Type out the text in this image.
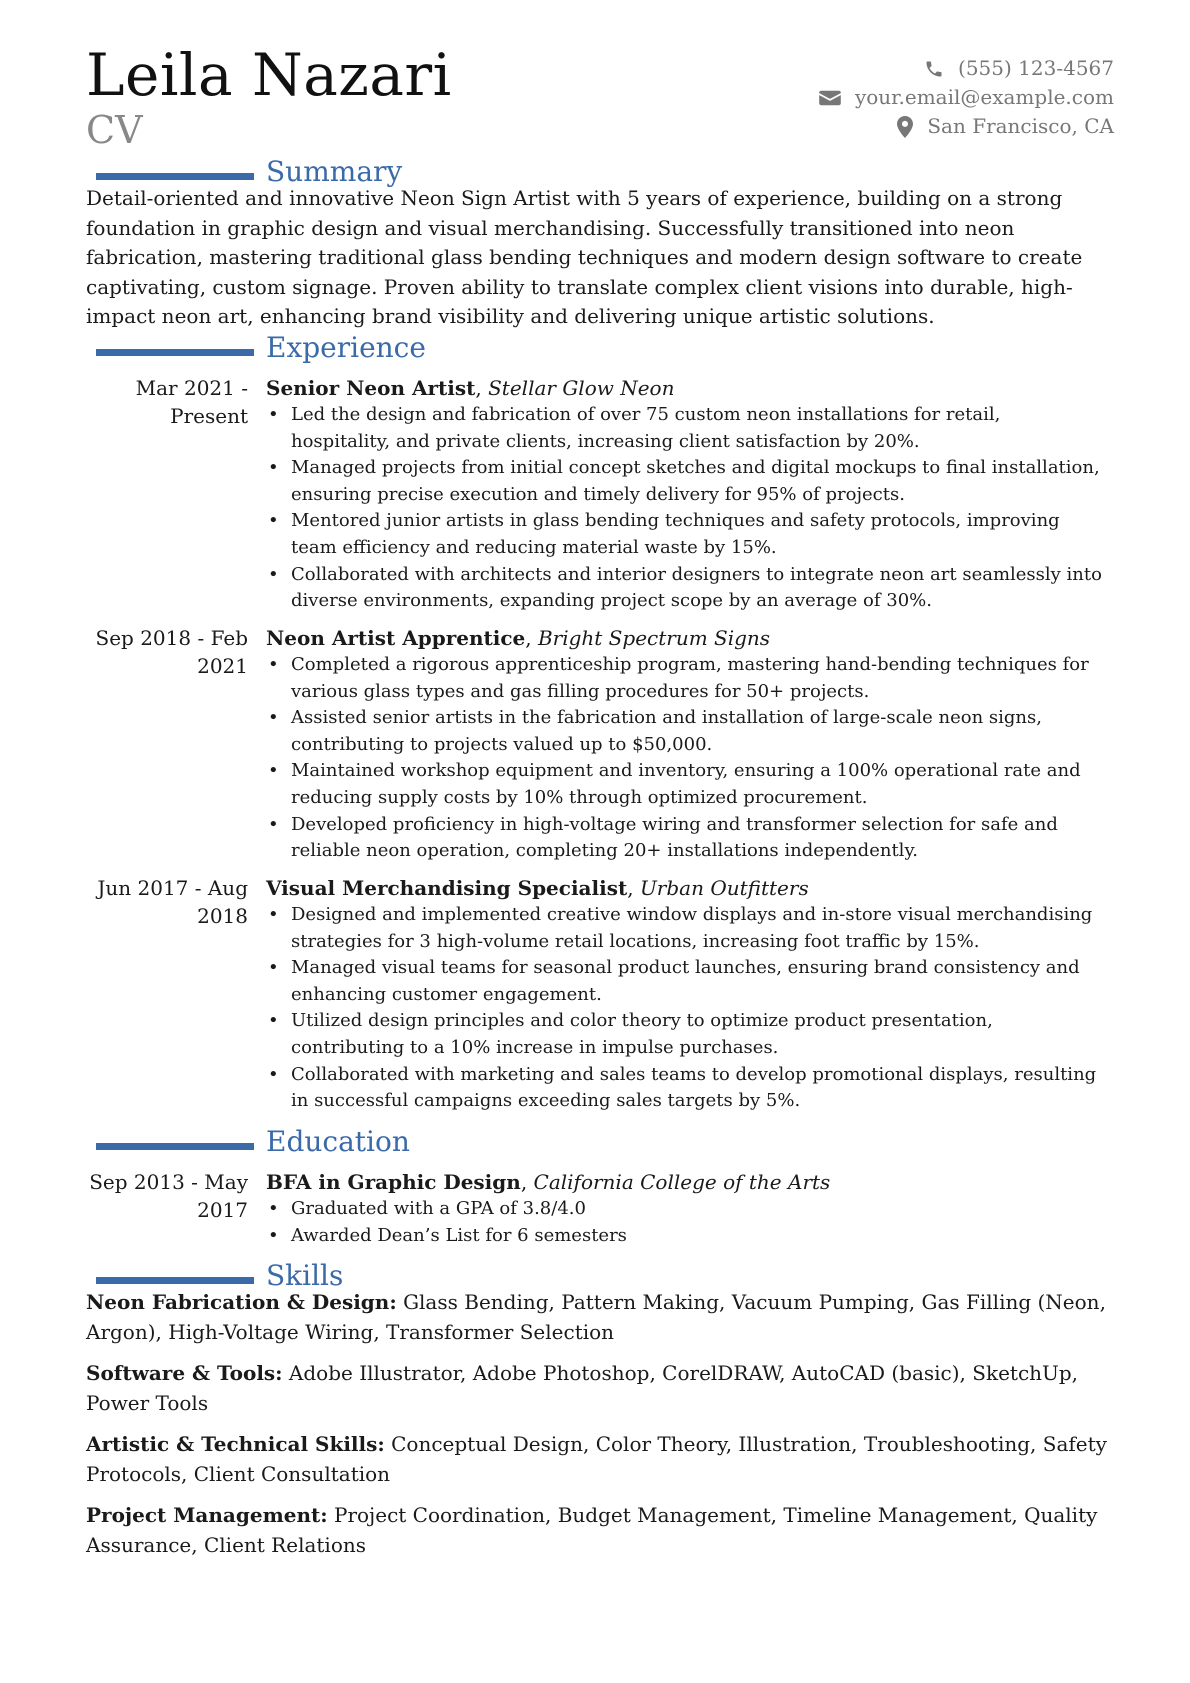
Leila Nazari
CV
(555) 123-4567
your.email@example.com
San Francisco, CA
Summary
Detail-oriented and innovative Neon Sign Artist with 5 years of experience, building on a strong foundation in graphic design and visual merchandising. Successfully transitioned into neon fabrication, mastering traditional glass bending techniques and modern design software to create captivating, custom signage. Proven ability to translate complex client visions into durable, high-impact neon art, enhancing brand visibility and delivering unique artistic solutions.
Experience
Mar 2021 -
Present
Senior Neon Artist, Stellar Glow Neon
• Led the design and fabrication of over 75 custom neon installations for retail, hospitality, and private clients, increasing client satisfaction by 20%.
• Managed projects from initial concept sketches and digital mockups to final installation, ensuring precise execution and timely delivery for 95% of projects.
• Mentored junior artists in glass bending techniques and safety protocols, improving team efficiency and reducing material waste by 15%.
• Collaborated with architects and interior designers to integrate neon art seamlessly into diverse environments, expanding project scope by an average of 30%.
Sep 2018 - Feb
2021
Neon Artist Apprentice, Bright Spectrum Signs
• Completed a rigorous apprenticeship program, mastering hand-bending techniques for various glass types and gas filling procedures for 50+ projects.
• Assisted senior artists in the fabrication and installation of large-scale neon signs, contributing to projects valued up to $50,000.
• Maintained workshop equipment and inventory, ensuring a 100% operational rate and reducing supply costs by 10% through optimized procurement.
• Developed proficiency in high-voltage wiring and transformer selection for safe and reliable neon operation, completing 20+ installations independently.
Jun 2017 - Aug
2018
Visual Merchandising Specialist, Urban Outfitters
• Designed and implemented creative window displays and in-store visual merchandising strategies for 3 high-volume retail locations, increasing foot traffic by 15%.
• Managed visual teams for seasonal product launches, ensuring brand consistency and enhancing customer engagement.
• Utilized design principles and color theory to optimize product presentation, contributing to a 10% increase in impulse purchases.
• Collaborated with marketing and sales teams to develop promotional displays, resulting in successful campaigns exceeding sales targets by 5%.
Education
Sep 2013 - May
2017
BFA in Graphic Design, California College of the Arts
• Graduated with a GPA of 3.8/4.0
• Awarded Dean’s List for 6 semesters
Skills
Neon Fabrication & Design: Glass Bending, Pattern Making, Vacuum Pumping, Gas Filling (Neon, Argon), High-Voltage Wiring, Transformer Selection
Software & Tools: Adobe Illustrator, Adobe Photoshop, CorelDRAW, AutoCAD (basic), SketchUp, Power Tools
Artistic & Technical Skills: Conceptual Design, Color Theory, Illustration, Troubleshooting, Safety Protocols, Client Consultation
Project Management: Project Coordination, Budget Management, Timeline Management, Quality Assurance, Client Relations
